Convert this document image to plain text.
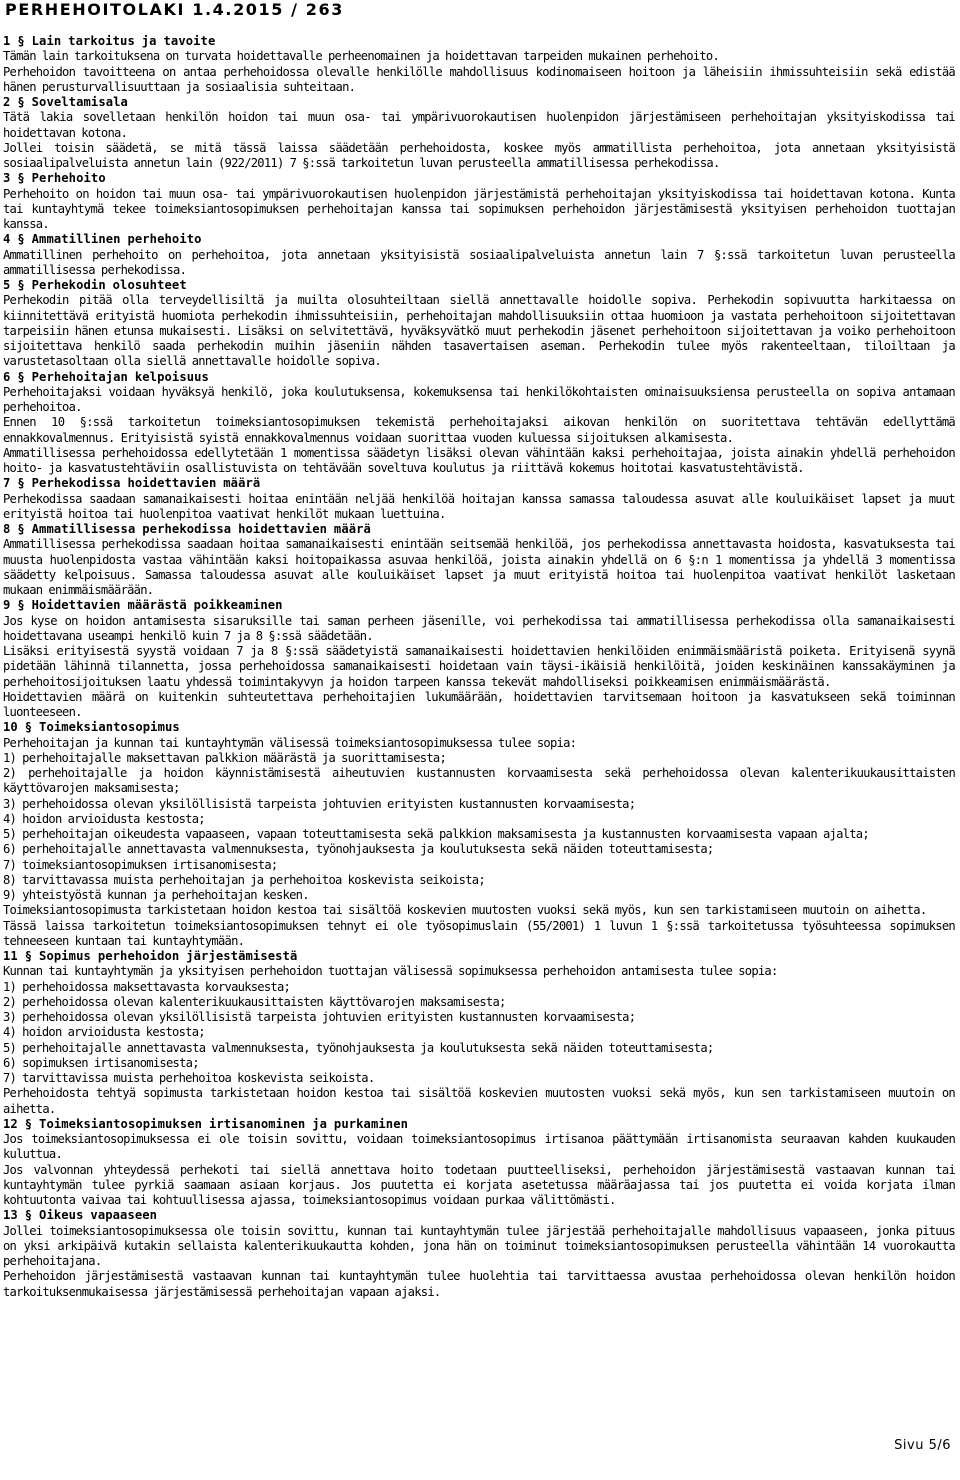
PERHEHOITOLAKI 1.4.2015 / 263
1 § Lain tarkoitus ja tavoite

Tämän lain tarkoituksena on turvata hoidettavalle perheenomainen ja hoidettavan tarpeiden mukainen perhehoito.

Perhehoidon tavoitteena on antaa perhehoidossa olevalle henkilölle mahdollisuus kodinomaiseen hoitoon ja läheisiin ihmissuhteisiin sekä edistää hänen perusturvallisuuttaan ja sosiaalisia suhteitaan.

2 § Soveltamisala

Tätä lakia sovelletaan henkilön hoidon tai muun osa- tai ympärivuorokautisen huolenpidon järjestämiseen perhehoitajan yksityiskodissa tai hoidettavan kotona.

Jollei toisin säädetä, se mitä tässä laissa säädetään perhehoidosta, koskee myös ammatillista perhehoitoa, jota annetaan yksityisistä sosiaalipalveluista annetun lain (922/2011) 7 §:ssä tarkoitetun luvan perusteella ammatillisessa perhekodissa.

3 § Perhehoito

Perhehoito on hoidon tai muun osa- tai ympärivuorokautisen huolenpidon järjestämistä perhehoitajan yksityiskodissa tai hoidettavan kotona. Kunta tai kuntayhtymä tekee toimeksiantosopimuksen perhehoitajan kanssa tai sopimuksen perhehoidon järjestämisestä yksityisen perhehoidon tuottajan kanssa.

4 § Ammatillinen perhehoito

Ammatillinen perhehoito on perhehoitoa, jota annetaan yksityisistä sosiaalipalveluista annetun lain 7 §:ssä tarkoitetun luvan perusteella ammatillisessa perhekodissa.

5 § Perhekodin olosuhteet

Perhekodin pitää olla terveydellisiltä ja muilta olosuhteiltaan siellä annettavalle hoidolle sopiva. Perhekodin sopivuutta harkitaessa on kiinnitettävä erityistä huomiota perhekodin ihmissuhteisiin, perhehoitajan mahdollisuuksiin ottaa huomioon ja vastata perhehoitoon sijoitettavan tarpeisiin hänen etunsa mukaisesti. Lisäksi on selvitettävä, hyväksyvätkö muut perhekodin jäsenet perhehoitoon sijoitettavan ja voiko perhehoitoon sijoitettava henkilö saada perhekodin muihin jäseniin nähden tasavertaisen aseman. Perhekodin tulee myös rakenteeltaan, tiloiltaan ja varustetasoltaan olla siellä annettavalle hoidolle sopiva.

6 § Perhehoitajan kelpoisuus

Perhehoitajaksi voidaan hyväksyä henkilö, joka koulutuksensa, kokemuksensa tai henkilökohtaisten ominaisuuksiensa perusteella on sopiva antamaan perhehoitoa.

Ennen 10 §:ssä tarkoitetun toimeksiantosopimuksen tekemistä perhehoitajaksi aikovan henkilön on suoritettava tehtävän edellyttämä ennakkovalmennus. Erityisistä syistä ennakkovalmennus voidaan suorittaa vuoden kuluessa sijoituksen alkamisesta.

Ammatillisessa perhehoidossa edellytetään 1 momentissa säädetyn lisäksi olevan vähintään kaksi perhehoitajaa, joista ainakin yhdellä perhehoidon hoito- ja kasvatustehtäviin osallistuvista on tehtävään soveltuva koulutus ja riittävä kokemus hoitotai kasvatustehtävistä.

7 § Perhekodissa hoidettavien määrä

Perhekodissa saadaan samanaikaisesti hoitaa enintään neljää henkilöä hoitajan kanssa samassa taloudessa asuvat alle kouluikäiset lapset ja muut erityistä hoitoa tai huolenpitoa vaativat henkilöt mukaan luettuina.

8 § Ammatillisessa perhekodissa hoidettavien määrä

Ammatillisessa perhekodissa saadaan hoitaa samanaikaisesti enintään seitsemää henkilöä, jos perhekodissa annettavasta hoidosta, kasvatuksesta tai muusta huolenpidosta vastaa vähintään kaksi hoitopaikassa asuvaa henkilöä, joista ainakin yhdellä on 6 §:n 1 momentissa ja yhdellä 3 momentissa säädetty kelpoisuus. Samassa taloudessa asuvat alle kouluikäiset lapset ja muut erityistä hoitoa tai huolenpitoa vaativat henkilöt lasketaan mukaan enimmäismäärään.

9 § Hoidettavien määrästä poikkeaminen

Jos kyse on hoidon antamisesta sisaruksille tai saman perheen jäsenille, voi perhekodissa tai ammatillisessa perhekodissa olla samanaikaisesti hoidettavana useampi henkilö kuin 7 ja 8 §:ssä säädetään.

Lisäksi erityisestä syystä voidaan 7 ja 8 §:ssä säädetyistä samanaikaisesti hoidettavien henkilöiden enimmäismääristä poiketa. Erityisenä syynä pidetään lähinnä tilannetta, jossa perhehoidossa samanaikaisesti hoidetaan vain täysi-ikäisiä henkilöitä, joiden keskinäinen kanssakäyminen ja perhehoitosijoituksen laatu yhdessä toimintakyvyn ja hoidon tarpeen kanssa tekevät mahdolliseksi poikkeamisen enimmäismäärästä.

Hoidettavien määrä on kuitenkin suhteutettava perhehoitajien lukumäärään, hoidettavien tarvitsemaan hoitoon ja kasvatukseen sekä toiminnan luonteeseen.

10 § Toimeksiantosopimus

Perhehoitajan ja kunnan tai kuntayhtymän välisessä toimeksiantosopimuksessa tulee sopia:

1) perhehoitajalle maksettavan palkkion määrästä ja suorittamisesta;
2) perhehoitajalle ja hoidon käynnistämisestä aiheutuvien kustannusten korvaamisesta sekä perhehoidossa olevan kalenterikuukausittaisten käyttövarojen maksamisesta;
3) perhehoidossa olevan yksilöllisistä tarpeista johtuvien erityisten kustannusten korvaamisesta;
4) hoidon arvioidusta kestosta;
5) perhehoitajan oikeudesta vapaaseen, vapaan toteuttamisesta sekä palkkion maksamisesta ja kustannusten korvaamisesta vapaan ajalta;
6) perhehoitajalle annettavasta valmennuksesta, työnohjauksesta ja koulutuksesta sekä näiden toteuttamisesta;
7) toimeksiantosopimuksen irtisanomisesta;
8) tarvittavassa muista perhehoitajan ja perhehoitoa koskevista seikoista;
9) yhteistyöstä kunnan ja perhehoitajan kesken.

Toimeksiantosopimusta tarkistetaan hoidon kestoa tai sisältöä koskevien muutosten vuoksi sekä myös, kun sen tarkistamiseen muutoin on aihetta.

Tässä laissa tarkoitetun toimeksiantosopimuksen tehnyt ei ole työsopimuslain (55/2001) 1 luvun 1 §:ssä tarkoitetussa työsuhteessa sopimuksen tehneeseen kuntaan tai kuntayhtymään.

11 § Sopimus perhehoidon järjestämisestä

Kunnan tai kuntayhtymän ja yksityisen perhehoidon tuottajan välisessä sopimuksessa perhehoidon antamisesta tulee sopia:

1) perhehoidossa maksettavasta korvauksesta;
2) perhehoidossa olevan kalenterikuukausittaisten käyttövarojen maksamisesta;
3) perhehoidossa olevan yksilöllisistä tarpeista johtuvien erityisten kustannusten korvaamisesta;
4) hoidon arvioidusta kestosta;
5) perhehoitajalle annettavasta valmennuksesta, työnohjauksesta ja koulutuksesta sekä näiden toteuttamisesta;
6) sopimuksen irtisanomisesta;
7) tarvittavissa muista perhehoitoa koskevista seikoista.

Perhehoidosta tehtyä sopimusta tarkistetaan hoidon kestoa tai sisältöä koskevien muutosten vuoksi sekä myös, kun sen tarkistamiseen muutoin on aihetta.

12 § Toimeksiantosopimuksen irtisanominen ja purkaminen

Jos toimeksiantosopimuksessa ei ole toisin sovittu, voidaan toimeksiantosopimus irtisanoa päättymään irtisanomista seuraavan kahden kuukauden kuluttua.

Jos valvonnan yhteydessä perhekoti tai siellä annettava hoito todetaan puutteelliseksi, perhehoidon järjestämisestä vastaavan kunnan tai kuntayhtymän tulee pyrkiä saamaan asiaan korjaus. Jos puutetta ei korjata asetetussa määräajassa tai jos puutetta ei voida korjata ilman kohtuutonta vaivaa tai kohtuullisessa ajassa, toimeksiantosopimus voidaan purkaa välittömästi.

13 § Oikeus vapaaseen

Jollei toimeksiantosopimuksessa ole toisin sovittu, kunnan tai kuntayhtymän tulee järjestää perhehoitajalle mahdollisuus vapaaseen, jonka pituus on yksi arkipäivä kutakin sellaista kalenterikuukautta kohden, jona hän on toiminut toimeksiantosopimuksen perusteella vähintään 14 vuorokautta perhehoitajana.

Perhehoidon järjestämisestä vastaavan kunnan tai kuntayhtymän tulee huolehtia tai tarvittaessa avustaa perhehoidossa olevan henkilön hoidon tarkoituksenmukaisessa järjestämisessä perhehoitajan vapaan ajaksi.

Sivu 5/6
